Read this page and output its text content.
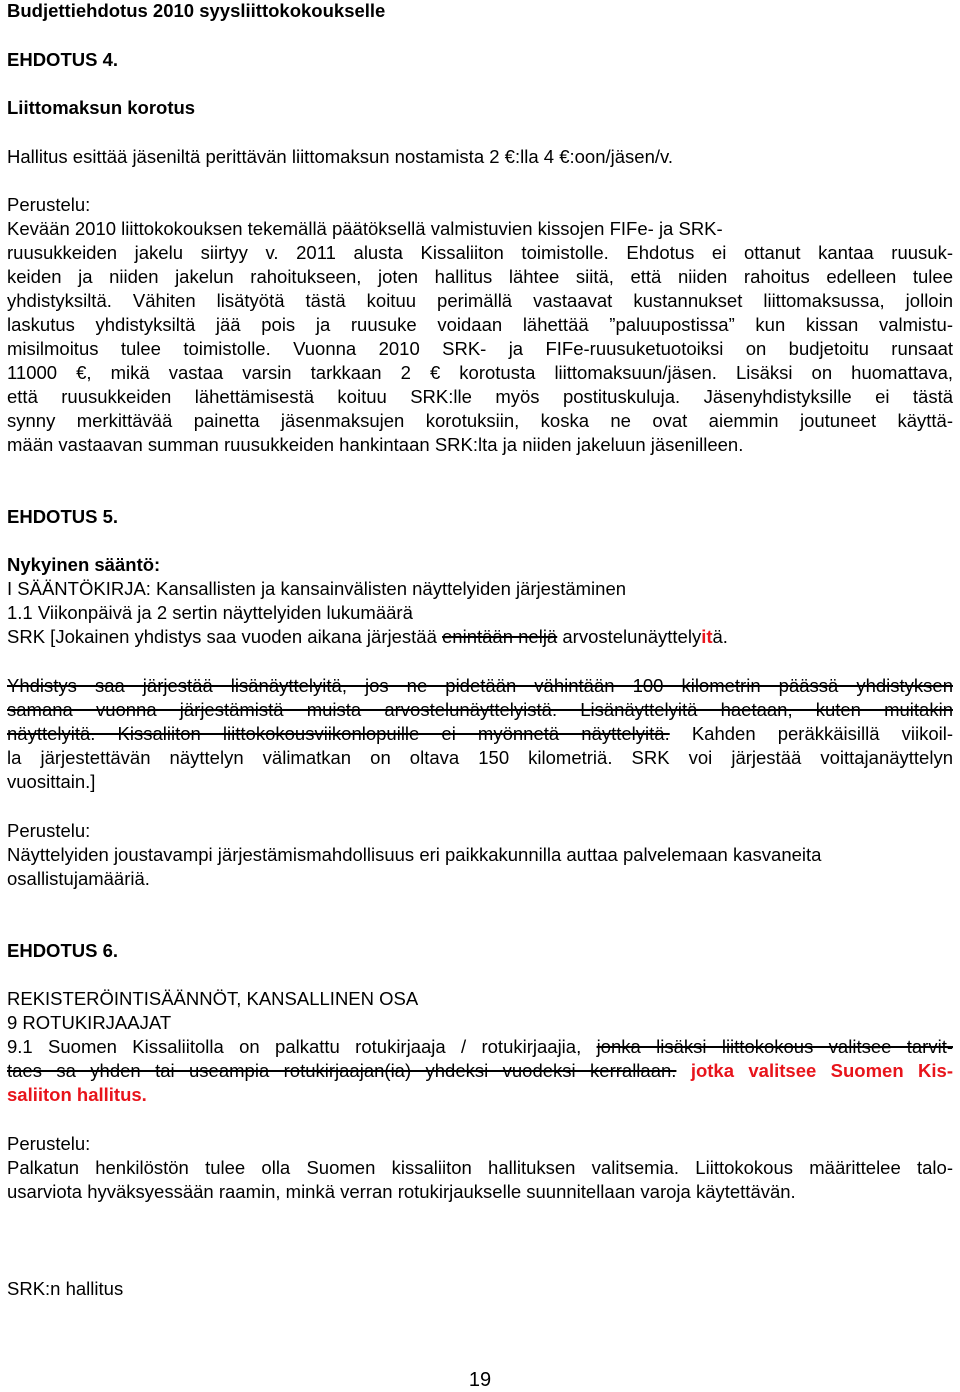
Budjettiehdotus 2010 syysliittokokoukselle

EHDOTUS 4.

Liittomaksun korotus

Hallitus esittää jäseniltä perittävän liittomaksun nostamista 2 €:lla 4 €:oon/jäsen/v.

Perustelu:

Kevään 2010 liittokokouksen tekemällä päätöksellä valmistuvien kissojen FIFe- ja SRK-

ruusukkeiden jakelu siirtyy v. 2011 alusta Kissaliiton toimistolle. Ehdotus ei ottanut kantaa ruusuk-

keiden ja niiden jakelun rahoitukseen, joten hallitus lähtee siitä, että niiden rahoitus edelleen tulee

yhdistyksiltä. Vähiten lisätyötä tästä koituu perimällä vastaavat kustannukset liittomaksussa, jolloin

laskutus yhdistyksiltä jää pois ja ruusuke voidaan lähettää ”paluupostissa” kun kissan valmistu-

misilmoitus tulee toimistolle. Vuonna 2010 SRK- ja FIFe-ruusuketuotoiksi on budjetoitu runsaat

11000 €, mikä vastaa varsin tarkkaan 2 € korotusta liittomaksuun/jäsen. Lisäksi on huomattava,

että ruusukkeiden lähettämisestä koituu SRK:lle myös postituskuluja. Jäsenyhdistyksille ei tästä

synny merkittävää painetta jäsenmaksujen korotuksiin, koska ne ovat aiemmin joutuneet käyttä-

mään vastaavan summan ruusukkeiden hankintaan SRK:lta ja niiden jakeluun jäsenilleen.

EHDOTUS 5.

Nykyinen sääntö:

I SÄÄNTÖKIRJA: Kansallisten ja kansainvälisten näyttelyiden järjestäminen

1.1 Viikonpäivä ja 2 sertin näyttelyiden lukumäärä

SRK [Jokainen yhdistys saa vuoden aikana järjestää enintään neljä arvostelunäyttelyitä.

Yhdistys saa järjestää lisänäyttelyitä, jos ne pidetään vähintään 100 kilometrin päässä yhdistyksen

samana vuonna järjestämistä muista arvostelunäyttelyistä. Lisänäyttelyitä haetaan, kuten muitakin

näyttelyitä. Kissaliiton liittokokousviikonlopuille ei myönnetä näyttelyitä. Kahden peräkkäisillä viikoil-

la järjestettävän näyttelyn välimatkan on oltava 150 kilometriä. SRK voi järjestää voittajanäyttelyn

vuosittain.]

Perustelu:

Näyttelyiden joustavampi järjestämismahdollisuus eri paikkakunnilla auttaa palvelemaan kasvaneita

osallistujamääriä.

EHDOTUS 6.

REKISTERÖINTISÄÄNNÖT, KANSALLINEN OSA

9 ROTUKIRJAAJAT

9.1 Suomen Kissaliitolla on palkattu rotukirjaaja / rotukirjaajia, jonka lisäksi liittokokous valitsee tarvit-

taes sa yhden tai useampia rotukirjaajan(ia) yhdeksi vuodeksi kerrallaan. jotka valitsee Suomen Kis-

saliiton hallitus.

Perustelu:

Palkatun henkilöstön tulee olla Suomen kissaliiton hallituksen valitsemia. Liittokokous määrittelee talo-

usarviota hyväksyessään raamin, minkä verran rotukirjaukselle suunnitellaan varoja käytettävän.

SRK:n hallitus

19
